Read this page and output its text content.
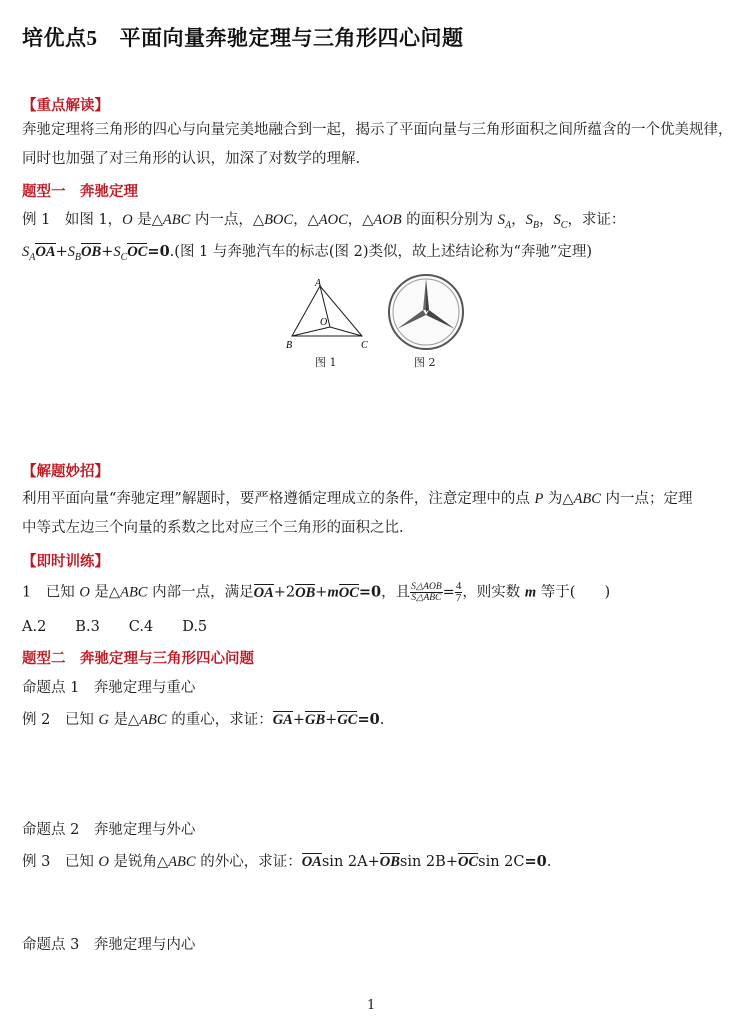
培优点5 平面向量奔驰定理与三角形四心问题
【重点解读】
奔驰定理将三角形的四心与向量完美地融合到一起，揭示了平面向量与三角形面积之间所蕴含的一个优美规律，
同时也加强了对三角形的认识，加深了对数学的理解.
题型一　奔驰定理
例 1　如图 1，O 是△ABC 内一点，△BOC，△AOC，△AOB 的面积分别为 $S_A$，$S_B$，$S_C$，求证：
$S_AOA+S_BOB+S_COC=0$.(图 1 与奔驰汽车的标志(图 2)类似，故上述结论称为“奔驰”定理)
A
B	C
O
图 1	图 2
【解题妙招】
利用平面向量“奔驰定理”解题时，要严格遵循定理成立的条件，注意定理中的点 P 为△ABC 内一点；定理
中等式左边三个向量的系数之比对应三个三角形的面积之比.
【即时训练】
1　已知 O 是△ABC 内部一点，满足OA+2OB+mOC=0，且 $\frac{\text{S△AOB}}{\text{S△ABC}} = \frac{4}{7}$ ，则实数 m 等于(　　)
A.2　　B.3　　C.4　　D.5
题型二　奔驰定理与三角形四心问题
命题点 1　奔驰定理与重心
例 2　已知 G 是△ABC 的重心，求证：GA+GB+GC=0.
命题点 2　奔驰定理与外心
例 3　已知 O 是锐角△ABC 的外心，求证：OAsin 2A+OBsin 2B+OCsin 2C=0.
命题点 3　奔驰定理与内心
1
